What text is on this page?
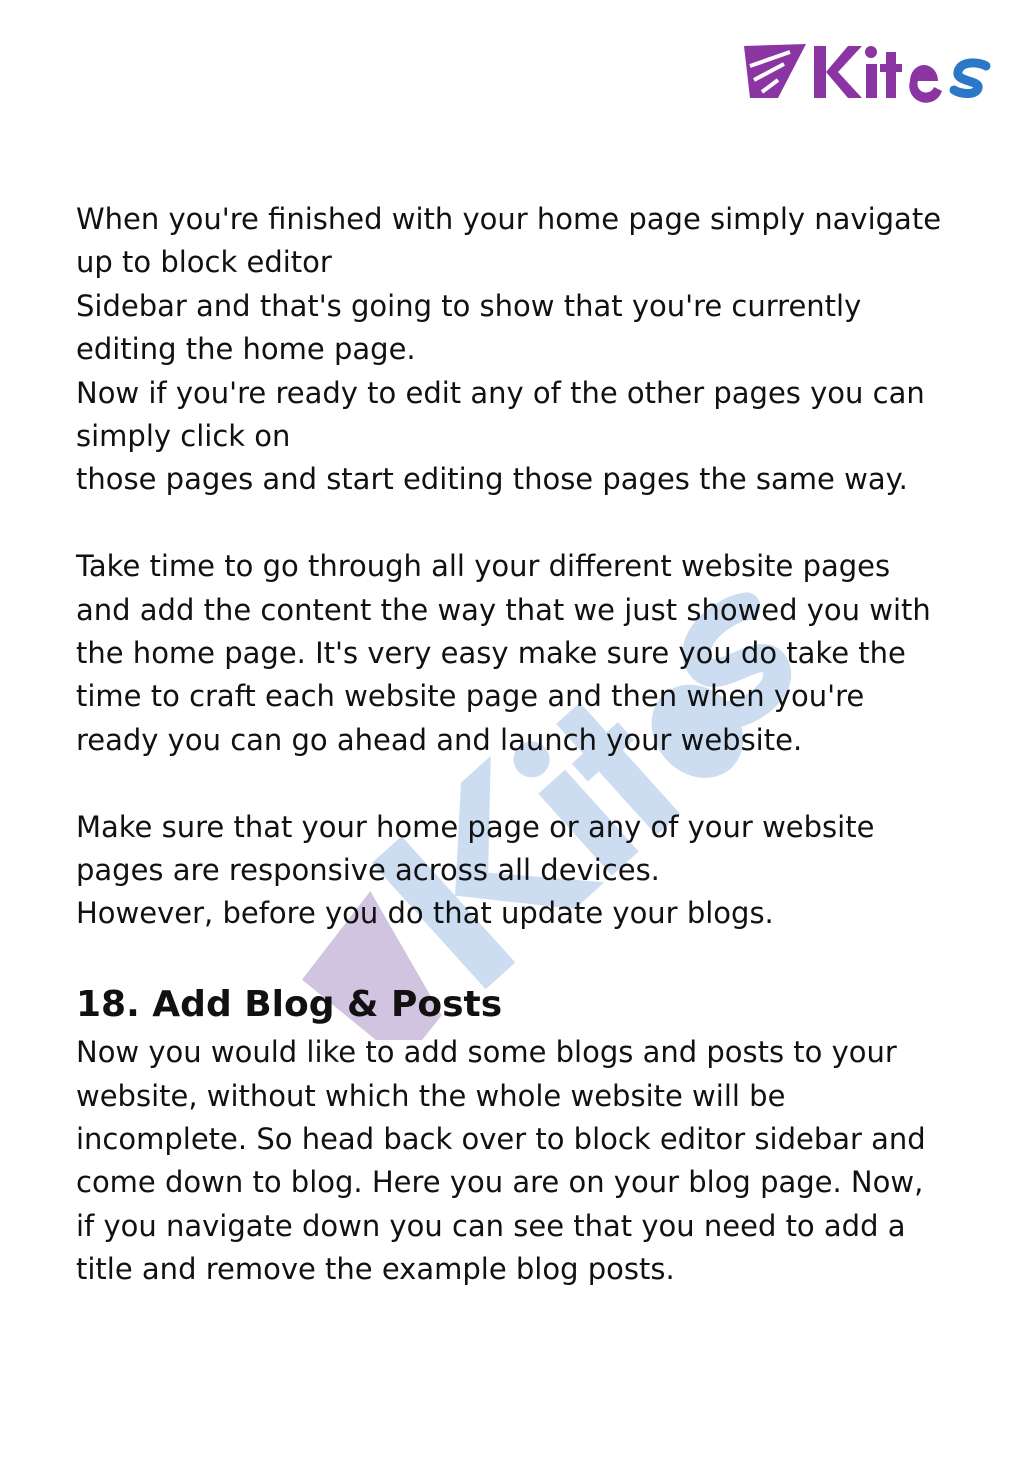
When you're finished with your home page simply navigate

up to block editor

Sidebar and that's going to show that you're currently

editing the home page.

Now if you're ready to edit any of the other pages you can

simply click on

those pages and start editing those pages the same way.

Take time to go through all your different website pages

and add the content the way that we just showed you with

the home page. It's very easy make sure you do take the

time to craft each website page and then when you're

ready you can go ahead and launch your website.

Make sure that your home page or any of your website

pages are responsive across all devices.

However, before you do that update your blogs.

18. Add Blog & Posts

Now you would like to add some blogs and posts to your

website, without which the whole website will be

incomplete. So head back over to block editor sidebar and

come down to blog. Here you are on your blog page. Now,

if you navigate down you can see that you need to add a

title and remove the example blog posts.
